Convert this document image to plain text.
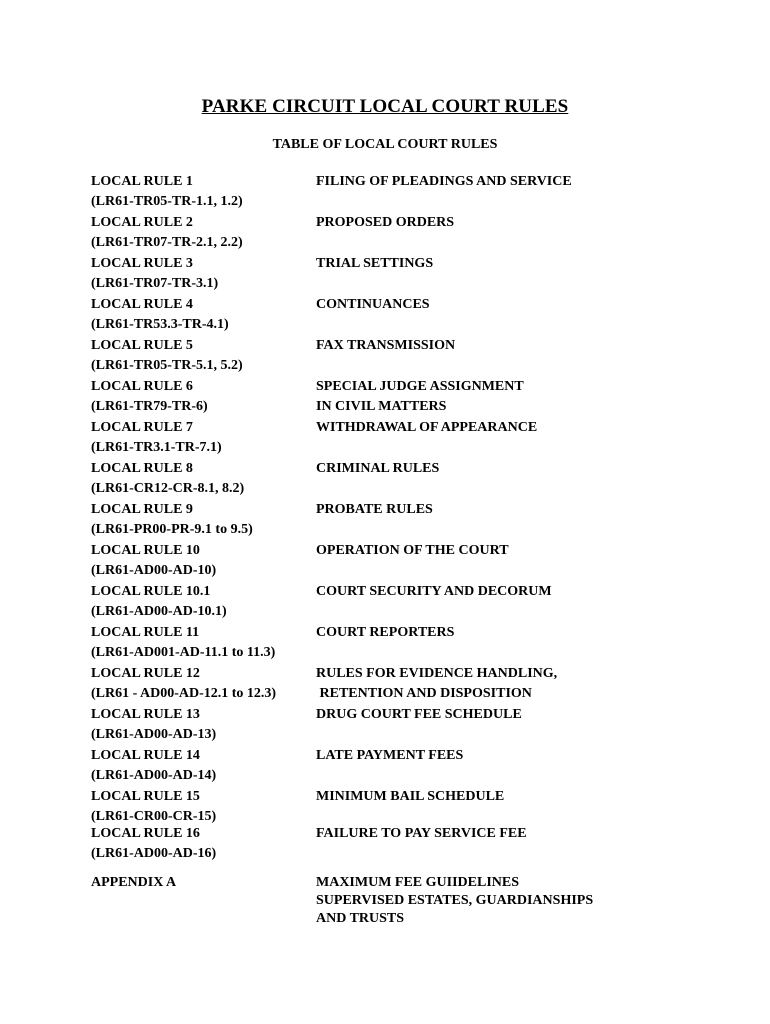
PARKE CIRCUIT LOCAL COURT RULES
TABLE OF LOCAL COURT RULES
LOCAL RULE 1
(LR61-TR05-TR-1.1, 1.2)
FILING OF PLEADINGS AND SERVICE
LOCAL RULE 2
(LR61-TR07-TR-2.1, 2.2)
PROPOSED ORDERS
LOCAL RULE 3
(LR61-TR07-TR-3.1)
TRIAL SETTINGS
LOCAL RULE 4
(LR61-TR53.3-TR-4.1)
CONTINUANCES
LOCAL RULE 5
(LR61-TR05-TR-5.1, 5.2)
FAX TRANSMISSION
LOCAL RULE 6
(LR61-TR79-TR-6)
SPECIAL JUDGE ASSIGNMENT
IN CIVIL MATTERS
LOCAL RULE 7
(LR61-TR3.1-TR-7.1)
WITHDRAWAL OF APPEARANCE
LOCAL RULE 8
(LR61-CR12-CR-8.1, 8.2)
CRIMINAL RULES
LOCAL RULE 9
(LR61-PR00-PR-9.1 to 9.5)
PROBATE RULES
LOCAL RULE 10
(LR61-AD00-AD-10)
OPERATION OF THE COURT
LOCAL RULE 10.1
(LR61-AD00-AD-10.1)
COURT SECURITY AND DECORUM
LOCAL RULE 11
(LR61-AD001-AD-11.1 to 11.3)
COURT REPORTERS
LOCAL RULE 12
(LR61 - AD00-AD-12.1 to 12.3)
RULES FOR EVIDENCE HANDLING,
RETENTION AND DISPOSITION
LOCAL RULE 13
(LR61-AD00-AD-13)
DRUG COURT FEE SCHEDULE
LOCAL RULE 14
(LR61-AD00-AD-14)
LATE PAYMENT FEES
LOCAL RULE 15
(LR61-CR00-CR-15)
MINIMUM BAIL SCHEDULE
LOCAL RULE 16
(LR61-AD00-AD-16)
FAILURE TO PAY SERVICE FEE
APPENDIX A	MAXIMUM FEE GUIIDELINES
SUPERVISED ESTATES, GUARDIANSHIPS
AND TRUSTS
